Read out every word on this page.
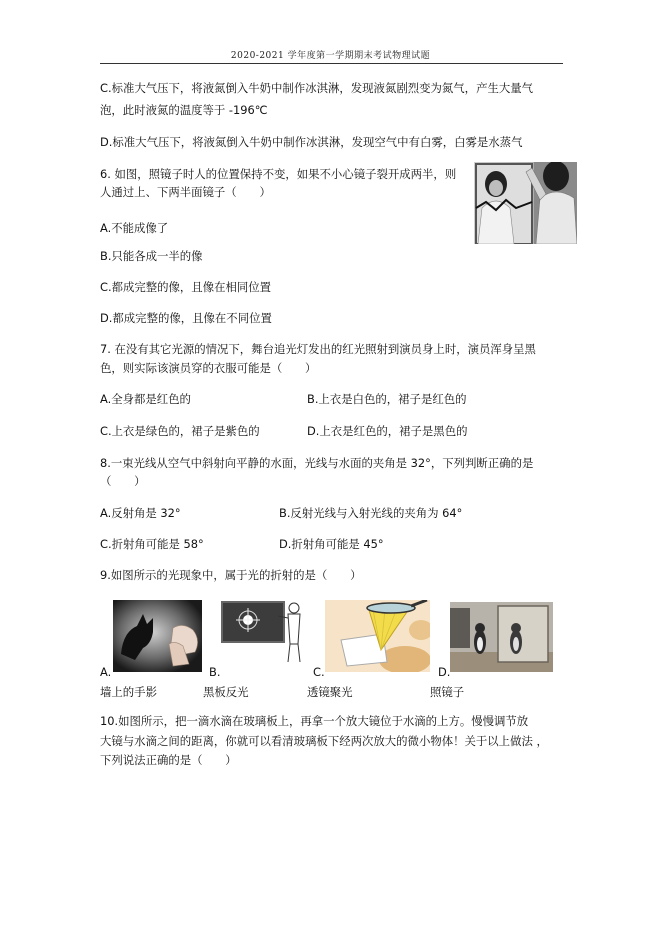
2020-2021 学年度第一学期期末考试物理试题
C.标准大气压下，将液氮倒入牛奶中制作冰淇淋，发现液氮剧烈变为氮气，产生大量气
泡，此时液氮的温度等于 -196℃
D.标准大气压下，将液氮倒入牛奶中制作冰淇淋，发现空气中有白雾，白雾是水蒸气
6. 如图，照镜子时人的位置保持不变，如果不小心镜子裂开成两半，则
人通过上、下两半面镜子（　　）
A.不能成像了
B.只能各成一半的像
C.都成完整的像，且像在相同位置
D.都成完整的像，且像在不同位置
7. 在没有其它光源的情况下，舞台追光灯发出的红光照射到演员身上时，演员浑身呈黑
色，则实际该演员穿的衣服可能是（　　）
A.全身都是红色的	B.上衣是白色的，裙子是红色的
C.上衣是绿色的，裙子是紫色的	D.上衣是红色的，裙子是黑色的
8.一束光线从空气中斜射向平静的水面，光线与水面的夹角是 32°，下列判断正确的是
（　　）
A.反射角是 32°	B.反射光线与入射光线的夹角为 64°
C.折射角可能是 58°	D.折射角可能是 45°
9.如图所示的光现象中，属于光的折射的是（　　）
A.	B.	C.	D.
墙上的手影	黑板反光	透镜聚光	照镜子
10.如图所示，把一滴水滴在玻璃板上，再拿一个放大镜位于水滴的上方。慢慢调节放
大镜与水滴之间的距离，你就可以看清玻璃板下经两次放大的微小物体！关于以上做法 ，
下列说法正确的是（　　）
